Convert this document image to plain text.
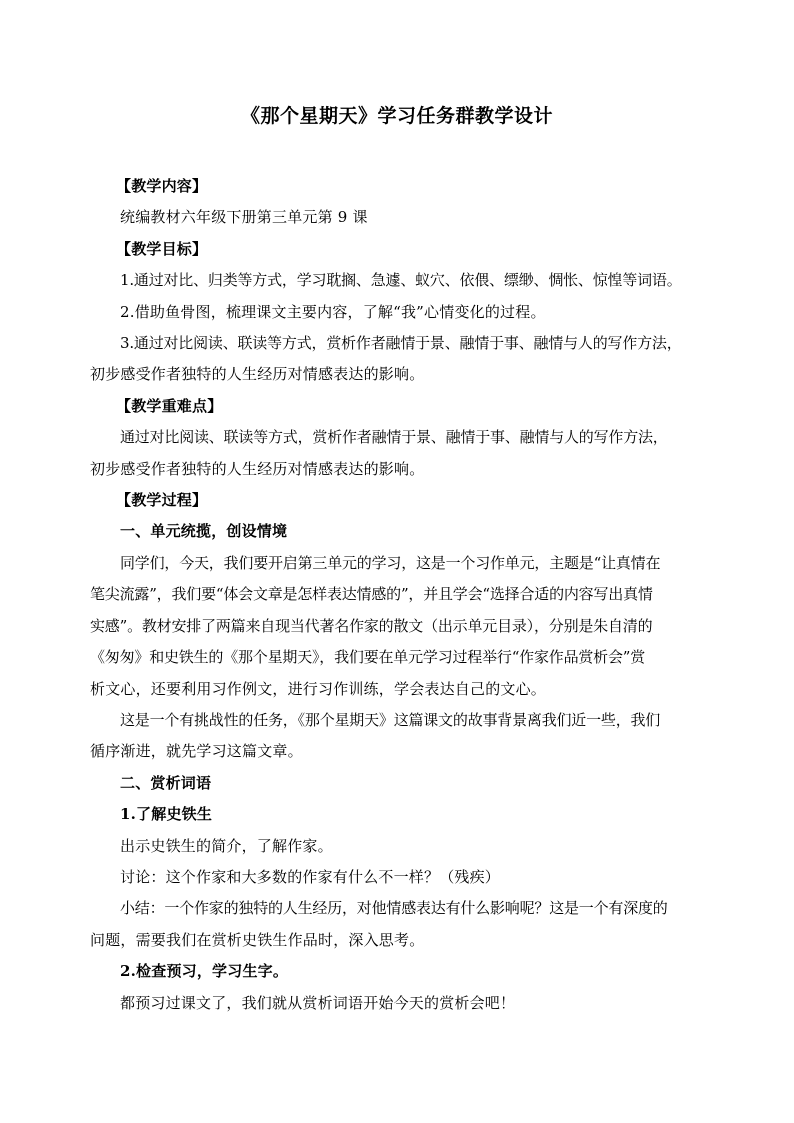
《那个星期天》学习任务群教学设计
【教学内容】
统编教材六年级下册第三单元第 9 课
【教学目标】
1.通过对比、归类等方式，学习耽搁、急遽、蚁穴、依偎、缥缈、惆怅、惊惶等词语。
2.借助鱼骨图，梳理课文主要内容，了解“我”心情变化的过程。
3.通过对比阅读、联读等方式，赏析作者融情于景、融情于事、融情与人的写作方法，
初步感受作者独特的人生经历对情感表达的影响。
【教学重难点】
通过对比阅读、联读等方式，赏析作者融情于景、融情于事、融情与人的写作方法，
初步感受作者独特的人生经历对情感表达的影响。
【教学过程】
一、单元统揽，创设情境
同学们，今天，我们要开启第三单元的学习，这是一个习作单元，主题是“让真情在
笔尖流露”，我们要“体会文章是怎样表达情感的”，并且学会“选择合适的内容写出真情
实感”。教材安排了两篇来自现当代著名作家的散文（出示单元目录），分别是朱自清的
《匆匆》和史铁生的《那个星期天》，我们要在单元学习过程举行“作家作品赏析会”赏
析文心，还要利用习作例文，进行习作训练，学会表达自己的文心。
这是一个有挑战性的任务，《那个星期天》这篇课文的故事背景离我们近一些，我们
循序渐进，就先学习这篇文章。
二、赏析词语
1.了解史铁生
出示史铁生的简介，了解作家。
讨论：这个作家和大多数的作家有什么不一样？（残疾）
小结：一个作家的独特的人生经历，对他情感表达有什么影响呢？这是一个有深度的
问题，需要我们在赏析史铁生作品时，深入思考。
2.检查预习，学习生字。
都预习过课文了，我们就从赏析词语开始今天的赏析会吧！
